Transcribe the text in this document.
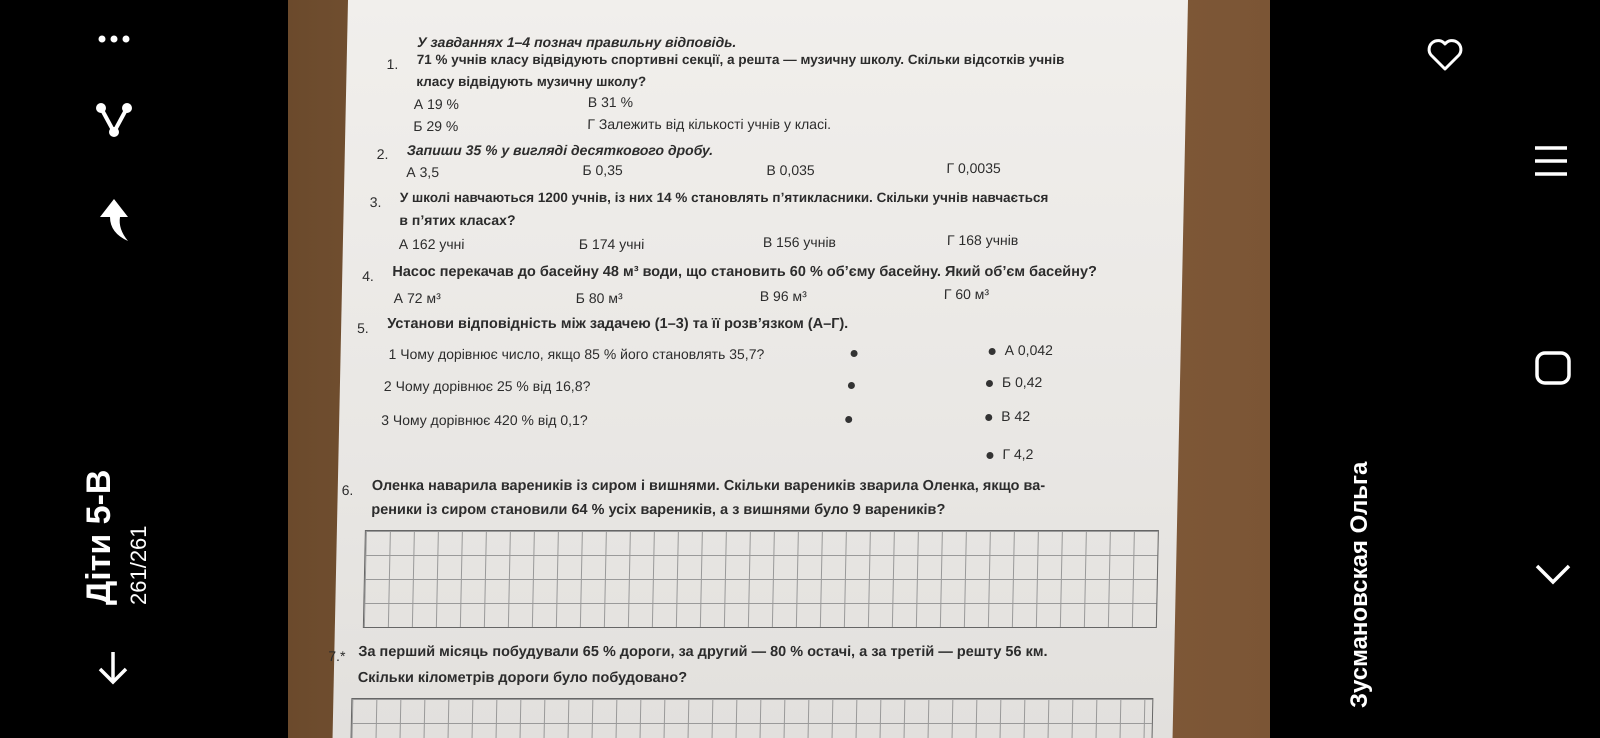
Діти 5-В 261/261
У завданнях 1–4 познач правильну відповідь.
1. 71 % учнів класу відвідують спортивні секції, а решта — музичну школу. Скільки відсотків учнів
класу відвідують музичну школу?
А 19 %	В 31 %
Б 29 %	Г Залежить від кількості учнів у класі.
2. Запиши 35 % у вигляді десяткового дробу.
А 3,5	Б 0,35	В 0,035	Г 0,0035
3. У школі навчаються 1200 учнів, із них 14 % становлять п’ятикласники. Скільки учнів навчається
в п’ятих класах?
А 162 учні	Б 174 учні	В 156 учнів	Г 168 учнів
4. Насос перекачав до басейну 48 м³ води, що становить 60 % об’єму басейну. Який об’єм басейну?
А 72 м³	Б 80 м³	В 96 м³	Г 60 м³
5. Установи відповідність між задачею (1–3) та її розв’язком (А–Г).
1 Чому дорівнює число, якщо 85 % його становлять 35,7?
2 Чому дорівнює 25 % від 16,8?
3 Чому дорівнює 420 % від 0,1?
А 0,042
Б 0,42
В 42
Г 4,2
6. Оленка наварила вареників із сиром і вишнями. Скільки вареників зварила Оленка, якщо ва-
реники із сиром становили 64 % усіх вареників, а з вишнями було 9 вареників?
7.* За перший місяць побудували 65 % дороги, за другий — 80 % остачі, а за третій — решту 56 км.
Скільки кілометрів дороги було побудовано?	Зусмановская Ольга
